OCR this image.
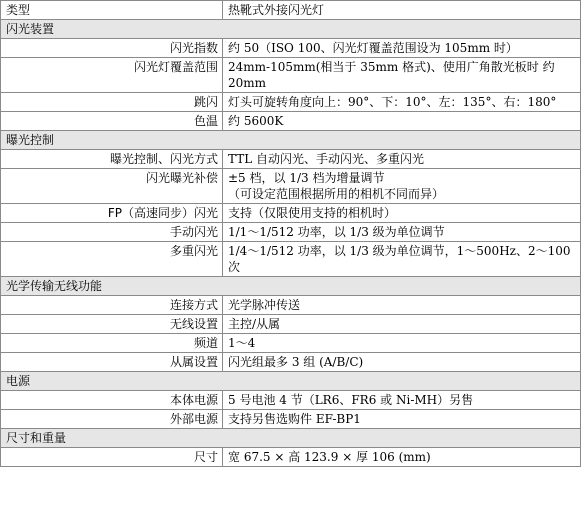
类型	热靴式外接闪光灯
闪光装置	
闪光指数	约 50（ISO 100、闪光灯覆盖范围设为 105mm 时）
闪光灯覆盖范围	24mm-105mm(相当于 35mm 格式)、使用广角散光板时 约 20mm
跳闪	灯头可旋转角度向上：90°、下：10°、左：135°、右：180°
色温	约 5600K
曝光控制	
曝光控制、闪光方式	TTL 自动闪光、手动闪光、多重闪光
闪光曝光补偿	±5 档，以 1/3 档为增量调节
（可设定范围根据所用的相机不同而异）
FP（高速同步）闪光	支持（仅限使用支持的相机时）
手动闪光	1/1～1/512 功率，以 1/3 级为单位调节
多重闪光	1/4～1/512 功率，以 1/3 级为单位调节，1～500Hz、2～100 次
光学传输无线功能	
连接方式	光学脉冲传送
无线设置	主控/从属
频道	1～4
从属设置	闪光组最多 3 组 (A/B/C)
电源	
本体电源	5 号电池 4 节（LR6、FR6 或 Ni-MH）另售
外部电源	支持另售选购件 EF-BP1
尺寸和重量	
尺寸	宽 67.5 × 高 123.9 × 厚 106 (mm)
